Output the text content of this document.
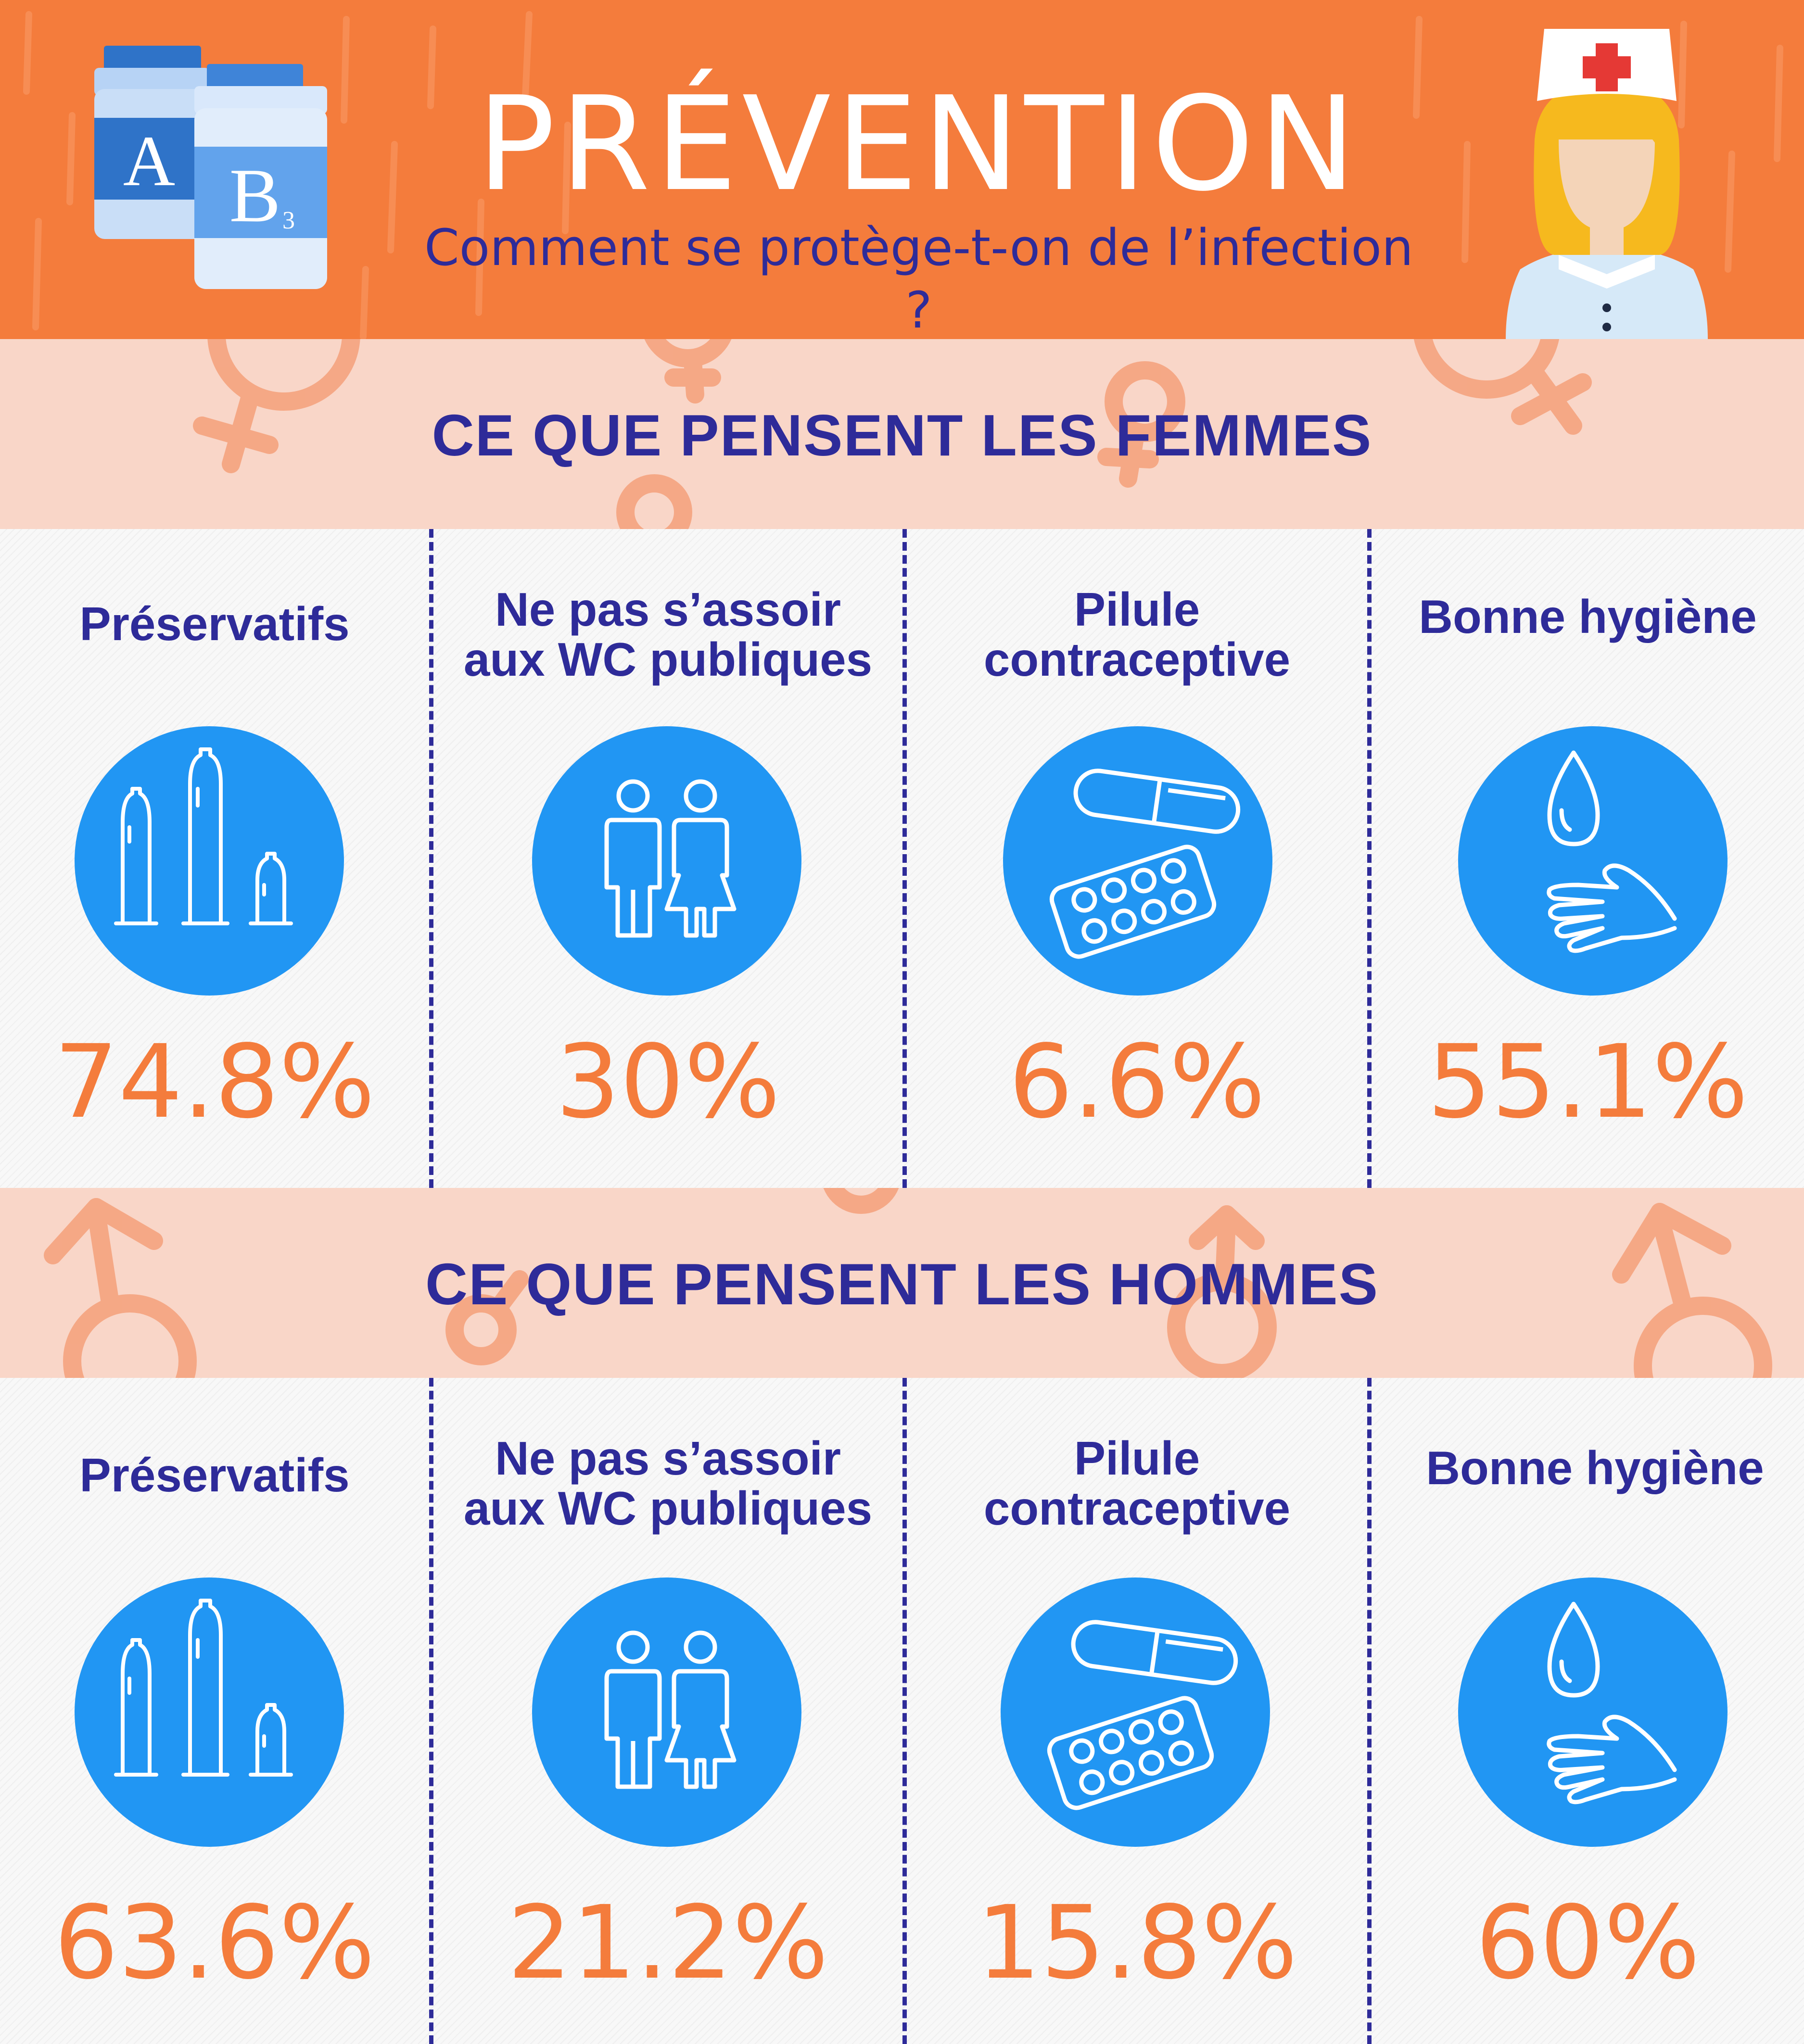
A B 3
PRÉVENTION
Comment se protège-t-on de l’infection ?
CE QUE PENSENT LES FEMMES
Préservatifs
74.8%
Ne pas s’assoir
aux WC publiques
30%
Pilule
contraceptive
6.6%
Bonne hygiène
55.1%
CE QUE PENSENT LES HOMMES
Préservatifs
63.6%
Ne pas s’assoir
aux WC publiques
21.2%
Pilule
contraceptive
15.8%
Bonne hygiène
60%
